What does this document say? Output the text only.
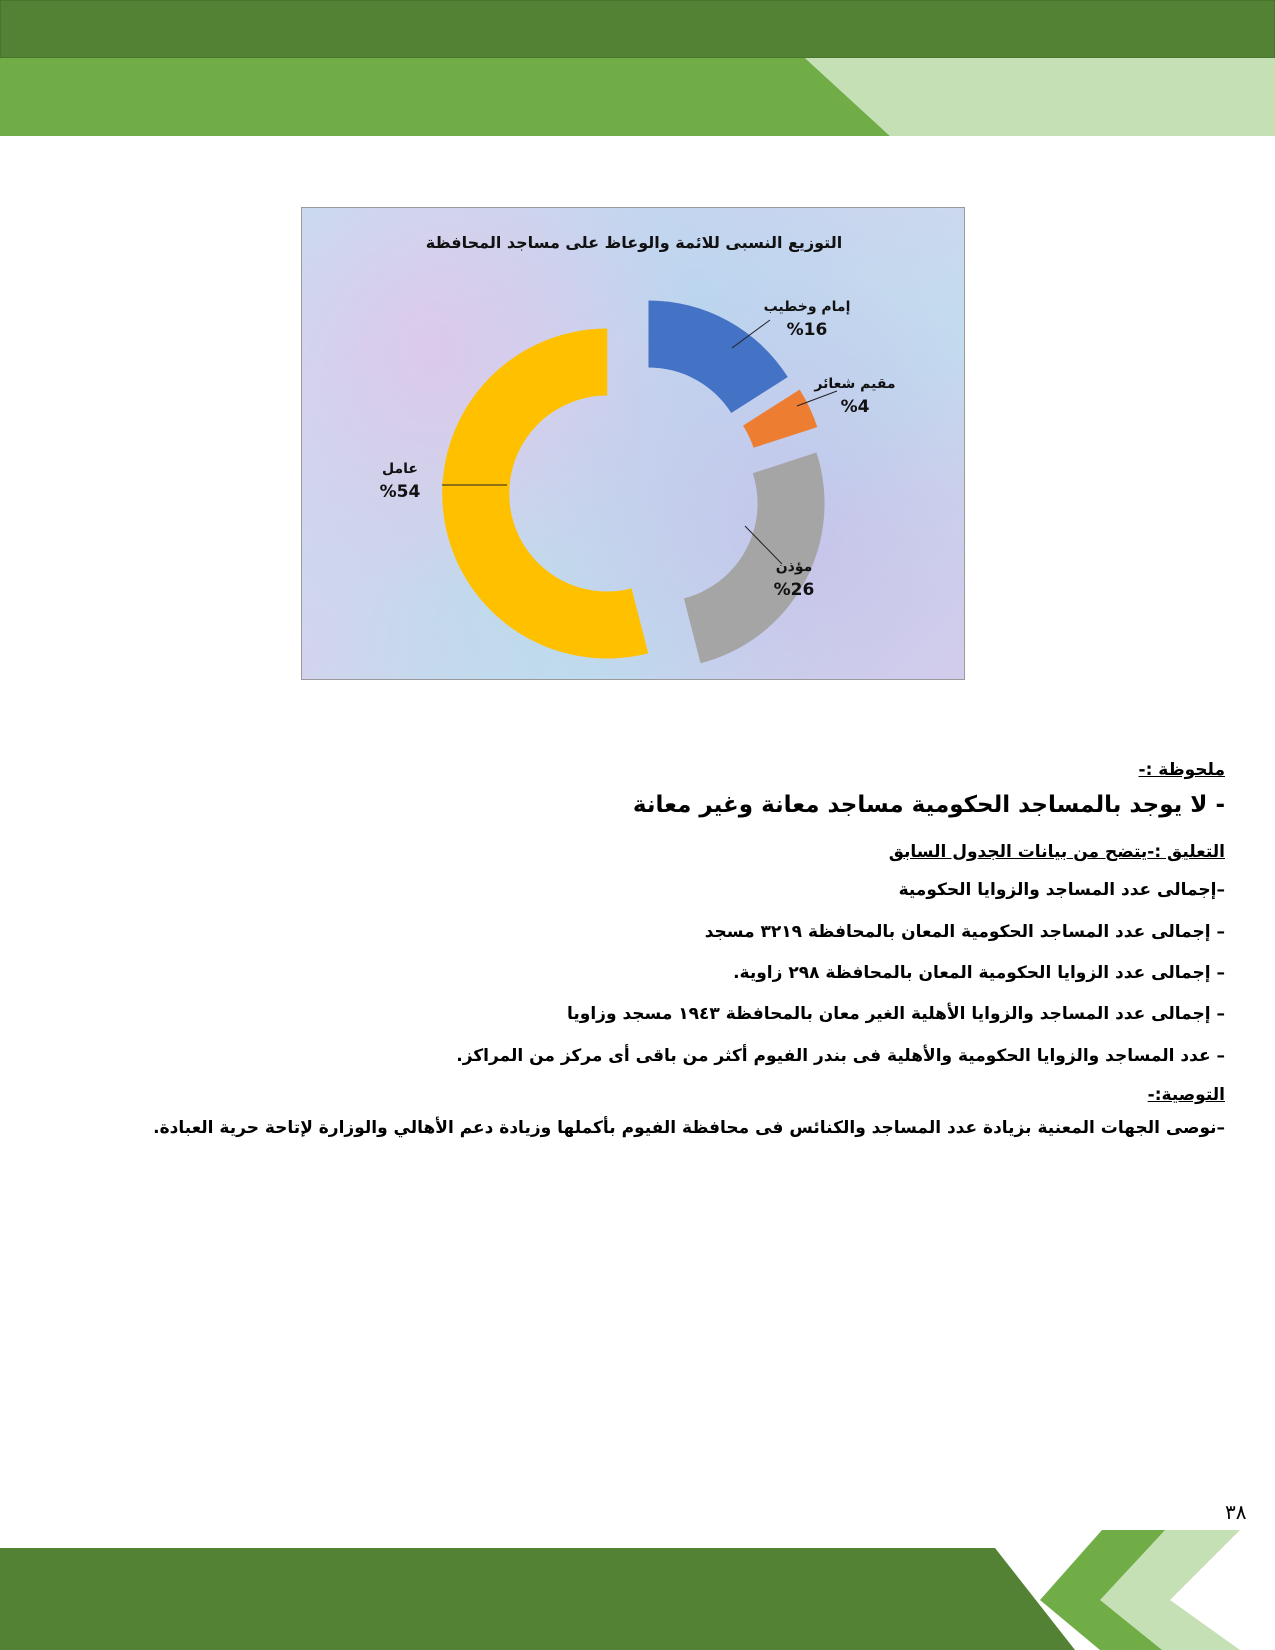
التوزيع النسبى للائمة والوعاظ على مساجد المحافظة
إمام وخطيب
%16
مقيم شعائر
%4
مؤذن
%26
عامل
%54
ملحوظة :-
- لا يوجد بالمساجد الحكومية مساجد معانة وغير معانة
التعليق :-يتضح من بيانات الجدول السابق
–إجمالى عدد المساجد والزوايا الحكومية
– إجمالى عدد المساجد الحكومية المعان بالمحافظة ٣٢١٩ مسجد
– إجمالى عدد الزوايا الحكومية المعان بالمحافظة ٢٩٨ زاوية.
– إجمالى عدد المساجد والزوايا الأهلية الغير معان بالمحافظة ١٩٤٣ مسجد وزاويا
– عدد المساجد والزوايا الحكومية والأهلية فى بندر الفيوم أكثر من باقى أى مركز من المراكز.
التوصية:-
–نوصى الجهات المعنية بزيادة عدد المساجد والكنائس فى محافظة الفيوم بأكملها وزيادة دعم الأهالي والوزارة لإتاحة حرية العبادة.
٣٨
